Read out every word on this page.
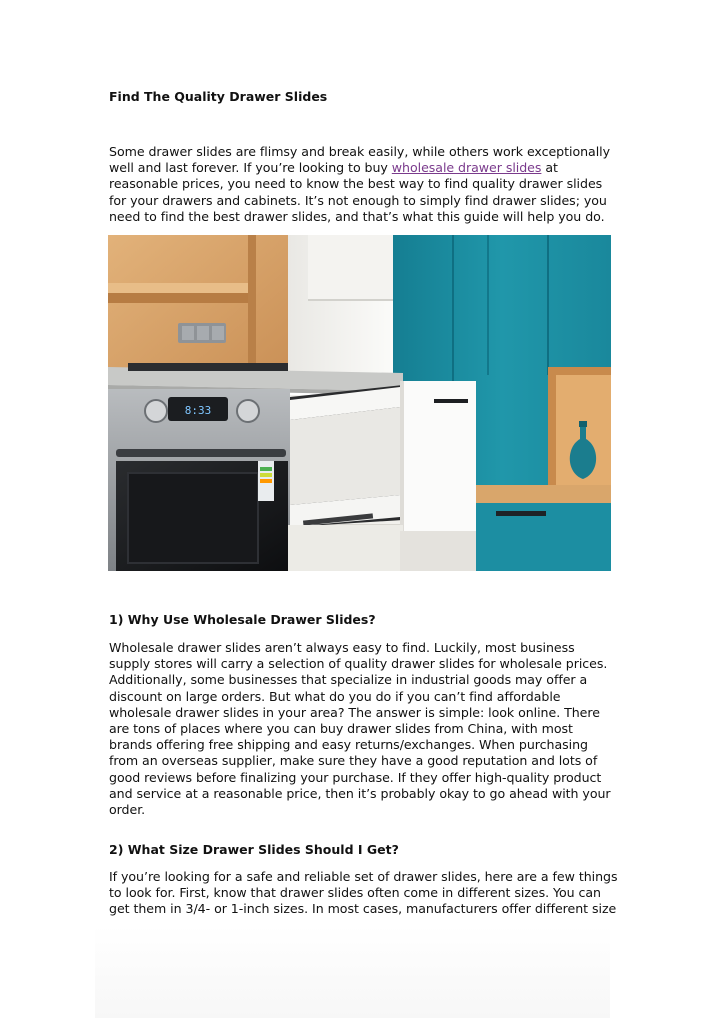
Find The Quality Drawer Slides

Some drawer slides are flimsy and break easily, while others work exceptionally well and last forever. If you’re looking to buy wholesale drawer slides at reasonable prices, you need to know the best way to find quality drawer slides for your drawers and cabinets. It’s not enough to simply find drawer slides; you need to find the best drawer slides, and that’s what this guide will help you do.

8:33
1) Why Use Wholesale Drawer Slides?

Wholesale drawer slides aren’t always easy to find. Luckily, most business supply stores will carry a selection of quality drawer slides for wholesale prices. Additionally, some businesses that specialize in industrial goods may offer a discount on large orders. But what do you do if you can’t find affordable wholesale drawer slides in your area? The answer is simple: look online. There are tons of places where you can buy drawer slides from China, with most brands offering free shipping and easy returns/exchanges. When purchasing from an overseas supplier, make sure they have a good reputation and lots of good reviews before finalizing your purchase. If they offer high-quality product and service at a reasonable price, then it’s probably okay to go ahead with your order.

2) What Size Drawer Slides Should I Get?

If you’re looking for a safe and reliable set of drawer slides, here are a few things to look for. First, know that drawer slides often come in different sizes. You can get them in 3/4- or 1-inch sizes. In most cases, manufacturers offer different size
